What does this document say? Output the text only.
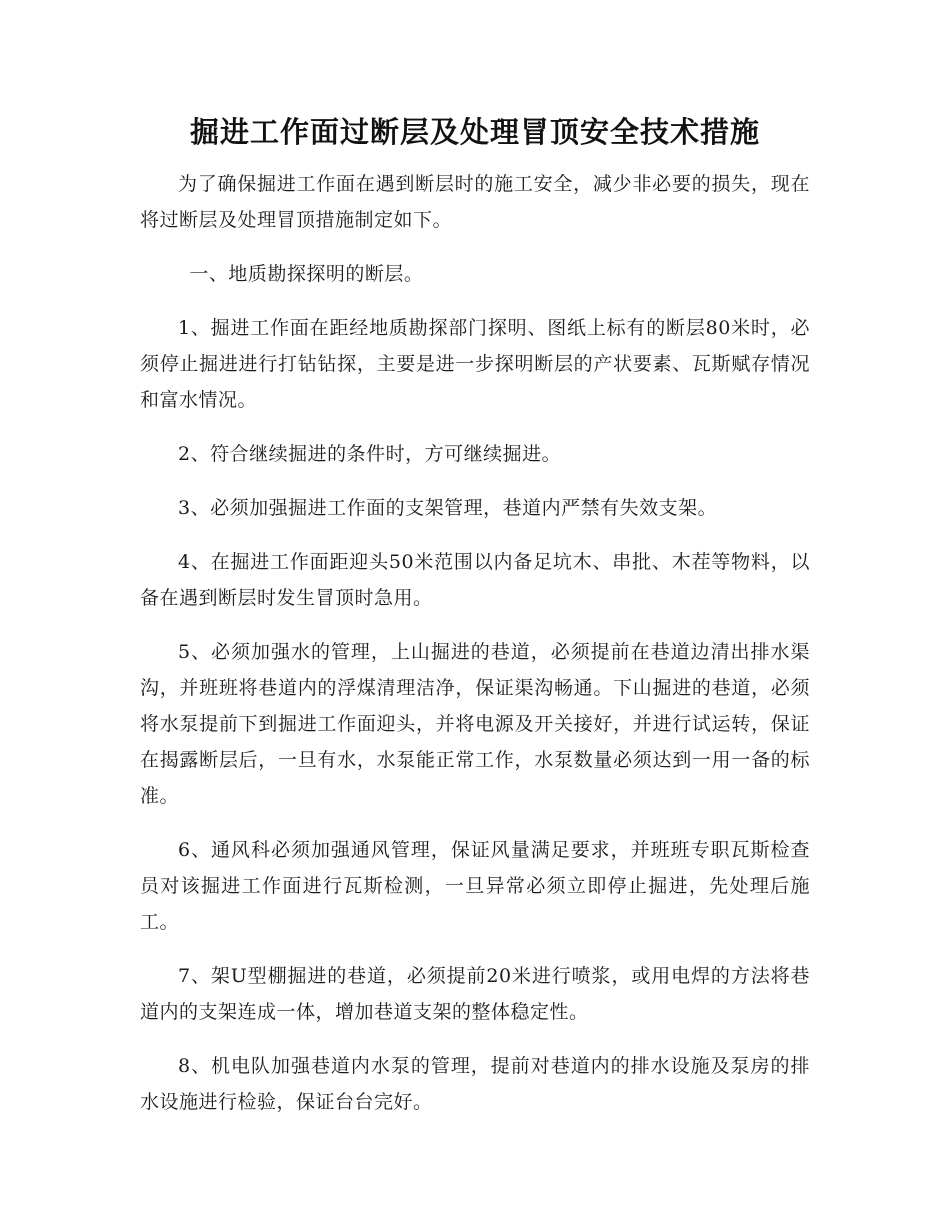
掘进工作面过断层及处理冒顶安全技术措施

为了确保掘进工作面在遇到断层时的施工安全，减少非必要的损失，现在将过断层及处理冒顶措施制定如下。

一、地质勘探探明的断层。

1、掘进工作面在距经地质勘探部门探明、图纸上标有的断层80米时，必须停止掘进进行打钻钻探，主要是进一步探明断层的产状要素、瓦斯赋存情况和富水情况。

2、符合继续掘进的条件时，方可继续掘进。

3、必须加强掘进工作面的支架管理，巷道内严禁有失效支架。

4、在掘进工作面距迎头50米范围以内备足坑木、串批、木茬等物料，以备在遇到断层时发生冒顶时急用。

5、必须加强水的管理，上山掘进的巷道，必须提前在巷道边清出排水渠沟，并班班将巷道内的浮煤清理洁净，保证渠沟畅通。下山掘进的巷道，必须将水泵提前下到掘进工作面迎头，并将电源及开关接好，并进行试运转，保证在揭露断层后，一旦有水，水泵能正常工作，水泵数量必须达到一用一备的标准。

6、通风科必须加强通风管理，保证风量满足要求，并班班专职瓦斯检查员对该掘进工作面进行瓦斯检测，一旦异常必须立即停止掘进，先处理后施工。

7、架U型棚掘进的巷道，必须提前20米进行喷浆，或用电焊的方法将巷道内的支架连成一体，增加巷道支架的整体稳定性。

8、机电队加强巷道内水泵的管理，提前对巷道内的排水设施及泵房的排水设施进行检验，保证台台完好。
